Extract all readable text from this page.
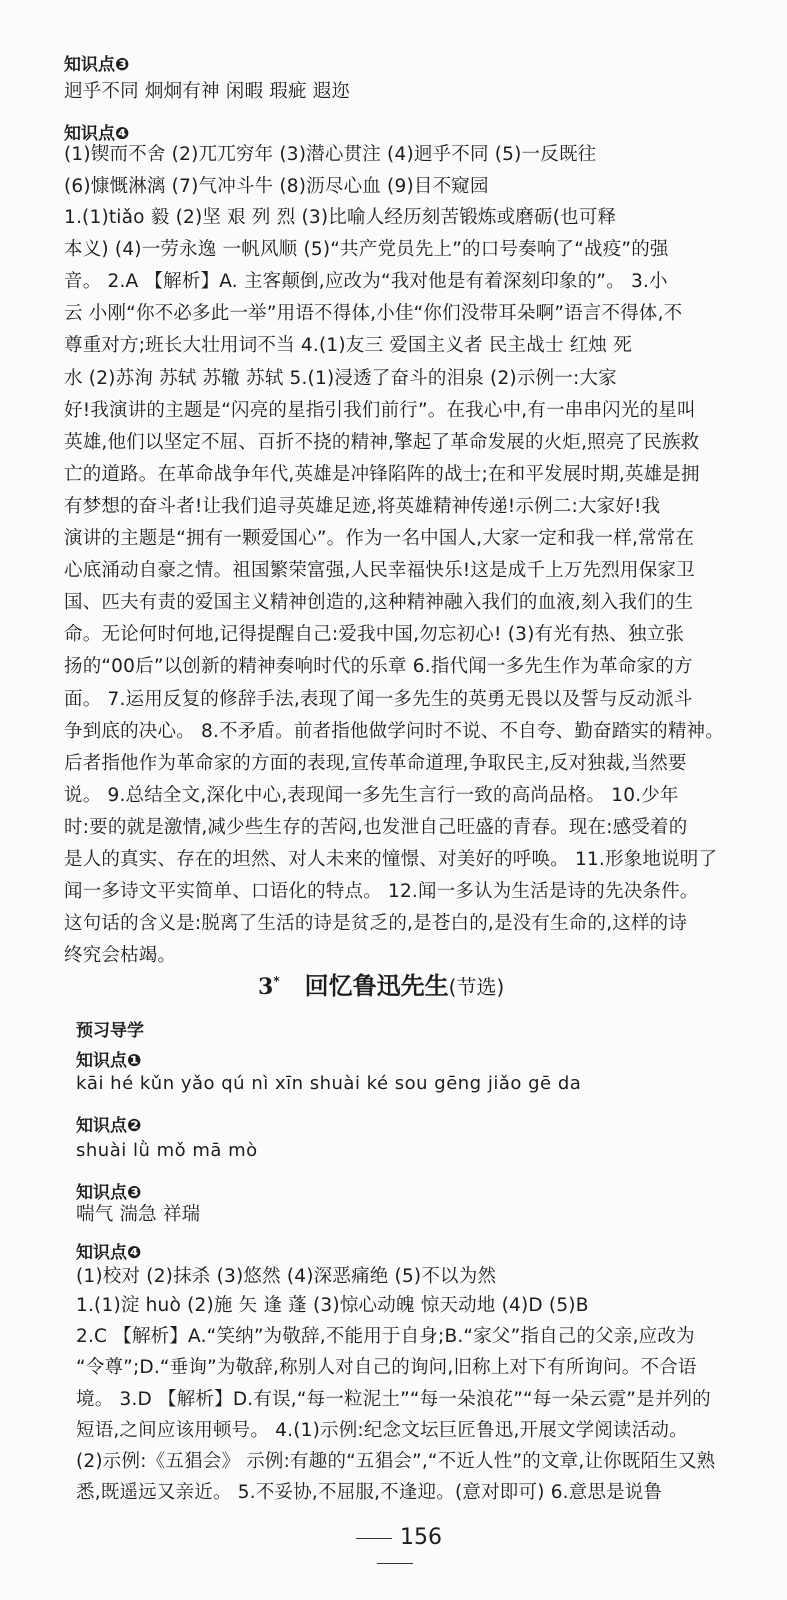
知识点❸
迥乎不同 炯炯有神 闲暇 瑕疵 遐迩
知识点❹
(1)锲而不舍 (2)兀兀穷年 (3)潜心贯注 (4)迥乎不同 (5)一反既往
(6)慷慨淋漓 (7)气冲斗牛 (8)沥尽心血 (9)目不窥园
1.(1)tiǎo 毅 (2)坚 艰 列 烈 (3)比喻人经历刻苦锻炼或磨砺(也可释
本义) (4)一劳永逸 一帆风顺 (5)“共产党员先上”的口号奏响了“战疫”的强
音。 2.A 【解析】A. 主客颠倒,应改为“我对他是有着深刻印象的”。 3.小
云 小刚“你不必多此一举”用语不得体,小佳“你们没带耳朵啊”语言不得体,不
尊重对方;班长大壮用词不当 4.(1)友三 爱国主义者 民主战士 红烛 死
水 (2)苏洵 苏轼 苏辙 苏轼 5.(1)浸透了奋斗的泪泉 (2)示例一:大家
好!我演讲的主题是“闪亮的星指引我们前行”。在我心中,有一串串闪光的星叫
英雄,他们以坚定不屈、百折不挠的精神,擎起了革命发展的火炬,照亮了民族救
亡的道路。在革命战争年代,英雄是冲锋陷阵的战士;在和平发展时期,英雄是拥
有梦想的奋斗者!让我们追寻英雄足迹,将英雄精神传递!示例二:大家好!我
演讲的主题是“拥有一颗爱国心”。作为一名中国人,大家一定和我一样,常常在
心底涌动自豪之情。祖国繁荣富强,人民幸福快乐!这是成千上万先烈用保家卫
国、匹夫有责的爱国主义精神创造的,这种精神融入我们的血液,刻入我们的生
命。无论何时何地,记得提醒自己:爱我中国,勿忘初心! (3)有光有热、独立张
扬的“00后”以创新的精神奏响时代的乐章 6.指代闻一多先生作为革命家的方
面。 7.运用反复的修辞手法,表现了闻一多先生的英勇无畏以及誓与反动派斗
争到底的决心。 8.不矛盾。前者指他做学问时不说、不自夸、勤奋踏实的精神。
后者指他作为革命家的方面的表现,宣传革命道理,争取民主,反对独裁,当然要
说。 9.总结全文,深化中心,表现闻一多先生言行一致的高尚品格。 10.少年
时:要的就是激情,减少些生存的苦闷,也发泄自己旺盛的青春。现在:感受着的
是人的真实、存在的坦然、对人未来的憧憬、对美好的呼唤。 11.形象地说明了
闻一多诗文平实简单、口语化的特点。 12.闻一多认为生活是诗的先决条件。
这句话的含义是:脱离了生活的诗是贫乏的,是苍白的,是没有生命的,这样的诗
终究会枯竭。
3* 回忆鲁迅先生(节选)
预习导学
知识点❶
kāi hé kǔn yǎo qú nì xīn shuài ké sou gēng jiǎo gē da
知识点❷
shuài lǜ mǒ mā mò
知识点❸
喘气 湍急 祥瑞
知识点❹
(1)校对 (2)抹杀 (3)悠然 (4)深恶痛绝 (5)不以为然
1.(1)淀 huò (2)施 矢 逢 蓬 (3)惊心动魄 惊天动地 (4)D (5)B
2.C 【解析】A.“笑纳”为敬辞,不能用于自身;B.“家父”指自己的父亲,应改为
“令尊”;D.“垂询”为敬辞,称别人对自己的询问,旧称上对下有所询问。不合语
境。 3.D 【解析】D.有误,“每一粒泥土”“每一朵浪花”“每一朵云霓”是并列的
短语,之间应该用顿号。 4.(1)示例:纪念文坛巨匠鲁迅,开展文学阅读活动。
(2)示例:《五猖会》 示例:有趣的“五猖会”,“不近人性”的文章,让你既陌生又熟
悉,既遥远又亲近。 5.不妥协,不屈服,不逢迎。(意对即可) 6.意思是说鲁
156
